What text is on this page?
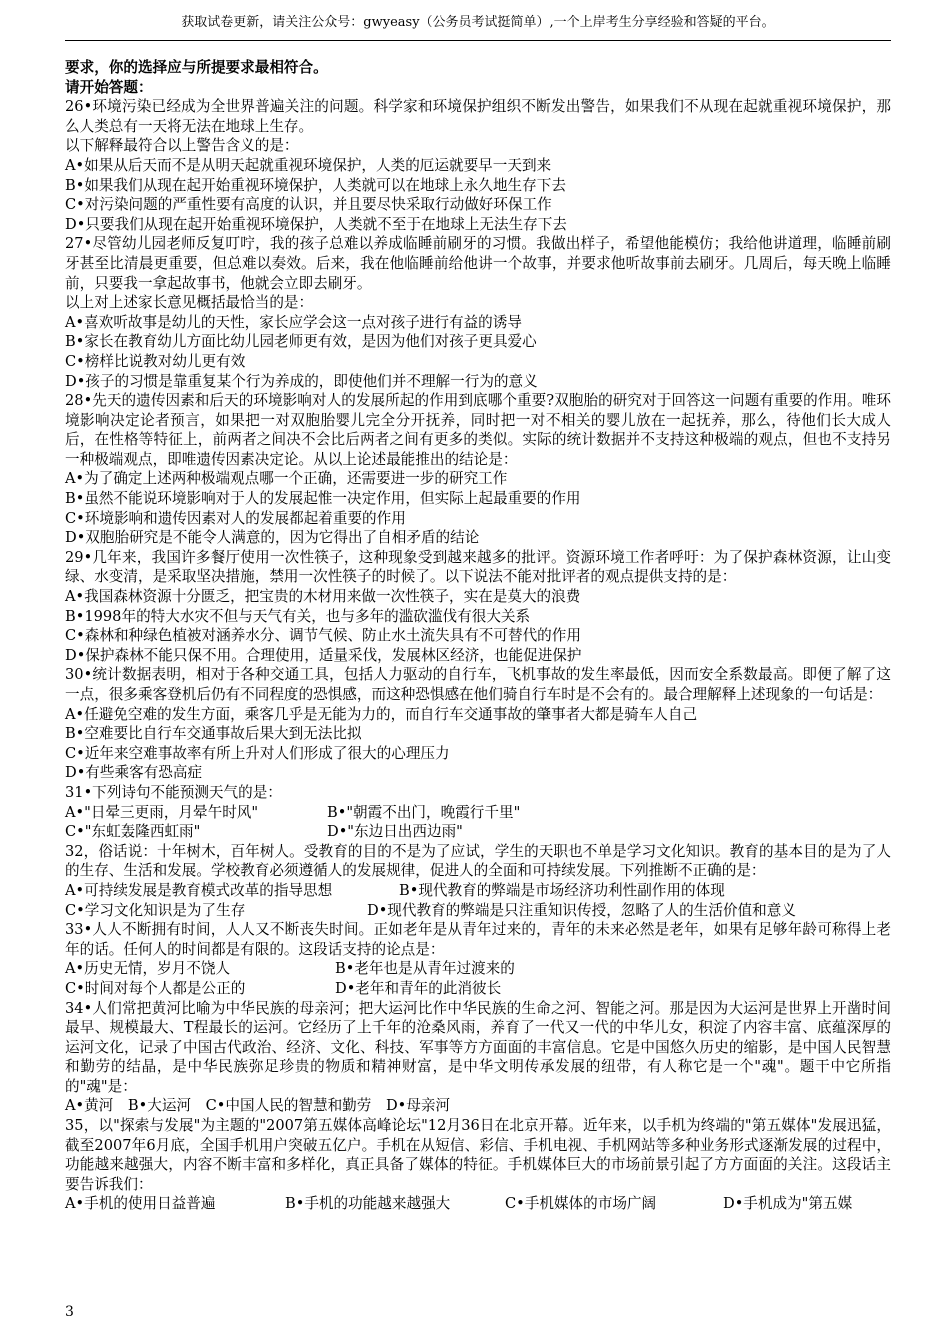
获取试卷更新，请关注公众号：gwyeasy（公务员考试挺简单）,一个上岸考生分享经验和答疑的平台。

要求，你的选择应与所提要求最相符合。

请开始答题：

26•环境污染已经成为全世界普遍关注的问题。科学家和环境保护组织不断发出警告，如果我们不从现在起就重视环境保护，那么人类总有一天将无法在地球上生存。

以下解释最符合以上警告含义的是：

A•如果从后天而不是从明天起就重视环境保护，人类的厄运就要早一天到来

B•如果我们从现在起开始重视环境保护，人类就可以在地球上永久地生存下去

C•对污染问题的严重性要有高度的认识，并且要尽快采取行动做好环保工作

D•只要我们从现在起开始重视环境保护，人类就不至于在地球上无法生存下去

27•尽管幼儿园老师反复叮咛，我的孩子总难以养成临睡前刷牙的习惯。我做出样子，希望他能模仿；我给他讲道理，临睡前刷牙甚至比清晨更重要，但总难以奏效。后来，我在他临睡前给他讲一个故事，并要求他听故事前去刷牙。几周后，每天晚上临睡前，只要我一拿起故事书，他就会立即去刷牙。

以上对上述家长意见概括最恰当的是：

A•喜欢听故事是幼儿的天性，家长应学会这一点对孩子进行有益的诱导

B•家长在教育幼儿方面比幼儿园老师更有效，是因为他们对孩子更具爱心

C•榜样比说教对幼儿更有效

D•孩子的习惯是靠重复某个行为养成的，即使他们并不理解一行为的意义

28•先天的遗传因素和后天的环境影响对人的发展所起的作用到底哪个重要?双胞胎的研究对于回答这一问题有重要的作用。唯环境影响决定论者预言，如果把一对双胞胎婴儿完全分开抚养，同时把一对不相关的婴儿放在一起抚养，那么，待他们长大成人后，在性格等特征上，前两者之间决不会比后两者之间有更多的类似。实际的统计数据并不支持这种极端的观点，但也不支持另一种极端观点，即唯遗传因素决定论。从以上论述最能推出的结论是：

A•为了确定上述两种极端观点哪一个正确，还需要进一步的研究工作

B•虽然不能说环境影响对于人的发展起惟一决定作用，但实际上起最重要的作用

C•环境影响和遗传因素对人的发展都起着重要的作用

D•双胞胎研究是不能令人满意的，因为它得出了自相矛盾的结论

29•几年来，我国许多餐厅使用一次性筷子，这种现象受到越来越多的批评。资源环境工作者呼吁：为了保护森林资源，让山变绿、水变清，是采取坚决措施，禁用一次性筷子的时候了。以下说法不能对批评者的观点提供支持的是：

A•我国森林资源十分匮乏，把宝贵的木材用来做一次性筷子，实在是莫大的浪费

B•1998年的特大水灾不但与天气有关，也与多年的滥砍滥伐有很大关系

C•森林和种绿色植被对涵养水分、调节气候、防止水土流失具有不可替代的作用

D•保护森林不能只保不用。合理使用，适量采伐，发展林区经济，也能促进保护

30•统计数据表明，相对于各种交通工具，包括人力驱动的自行车，飞机事故的发生率最低，因而安全系数最高。即便了解了这一点，很多乘客登机后仍有不同程度的恐惧感，而这种恐惧感在他们骑自行车时是不会有的。最合理解释上述现象的一句话是：

A•任避免空难的发生方面，乘客几乎是无能为力的，而自行车交通事故的肇事者大都是骑车人自己

B•空难要比自行车交通事故后果大到无法比拟

C•近年来空难事故率有所上升对人们形成了很大的心理压力

D•有些乘客有恐高症

31•下列诗句不能预测天气的是：

A•"日晕三更雨，月晕午时风"	B•"朝霞不出门，晚霞行千里"

C•"东虹轰隆西虹雨"	D•"东边日出西边雨"

32，俗话说：十年树木，百年树人。受教育的目的不是为了应试，学生的天职也不单是学习文化知识。教育的基本目的是为了人的生存、生活和发展。学校教育必须遵循人的发展规律，促进人的全面和可持续发展。下列推断不正确的是：

A•可持续发展是教育模式改革的指导思想	B•现代教育的弊端是市场经济功利性副作用的体现

C•学习文化知识是为了生存	D•现代教育的弊端是只注重知识传授，忽略了人的生活价值和意义

33•人人不断拥有时间，人人又不断丧失时间。正如老年是从青年过来的，青年的未来必然是老年，如果有足够年龄可称得上老年的话。任何人的时间都是有限的。这段话支持的论点是：

A•历史无情，岁月不饶人	B•老年也是从青年过渡来的

C•时间对每个人都是公正的	D•老年和青年的此消彼长

34•人们常把黄河比喻为中华民族的母亲河；把大运河比作中华民族的生命之河、智能之河。那是因为大运河是世界上开凿时间最早、规模最大、T程最长的运河。它经历了上千年的沧桑风雨，养育了一代又一代的中华儿女，积淀了内容丰富、底蕴深厚的运河文化，记录了中国古代政治、经济、文化、科技、军事等方方面面的丰富信息。它是中国悠久历史的缩影，是中国人民智慧和勤劳的结晶，是中华民族弥足珍贵的物质和精神财富，是中华文明传承发展的纽带，有人称它是一个"魂"。题干中它所指的"魂"是：

A•黄河　B•大运河　C•中国人民的智慧和勤劳　D•母亲河

35，以"探索与发展"为主题的"2007第五媒体高峰论坛"12月36日在北京开幕。近年来，以手机为终端的"第五媒体"发展迅猛，截至2007年6月底，全国手机用户突破五亿户。手机在从短信、彩信、手机电视、手机网站等多种业务形式逐渐发展的过程中，功能越来越强大，内容不断丰富和多样化，真正具备了媒体的特征。手机媒体巨大的市场前景引起了方方面面的关注。这段话主要告诉我们：

A•手机的使用日益普遍	B•手机的功能越来越强大	C•手机媒体的市场广阔	D•手机成为"第五媒

3
